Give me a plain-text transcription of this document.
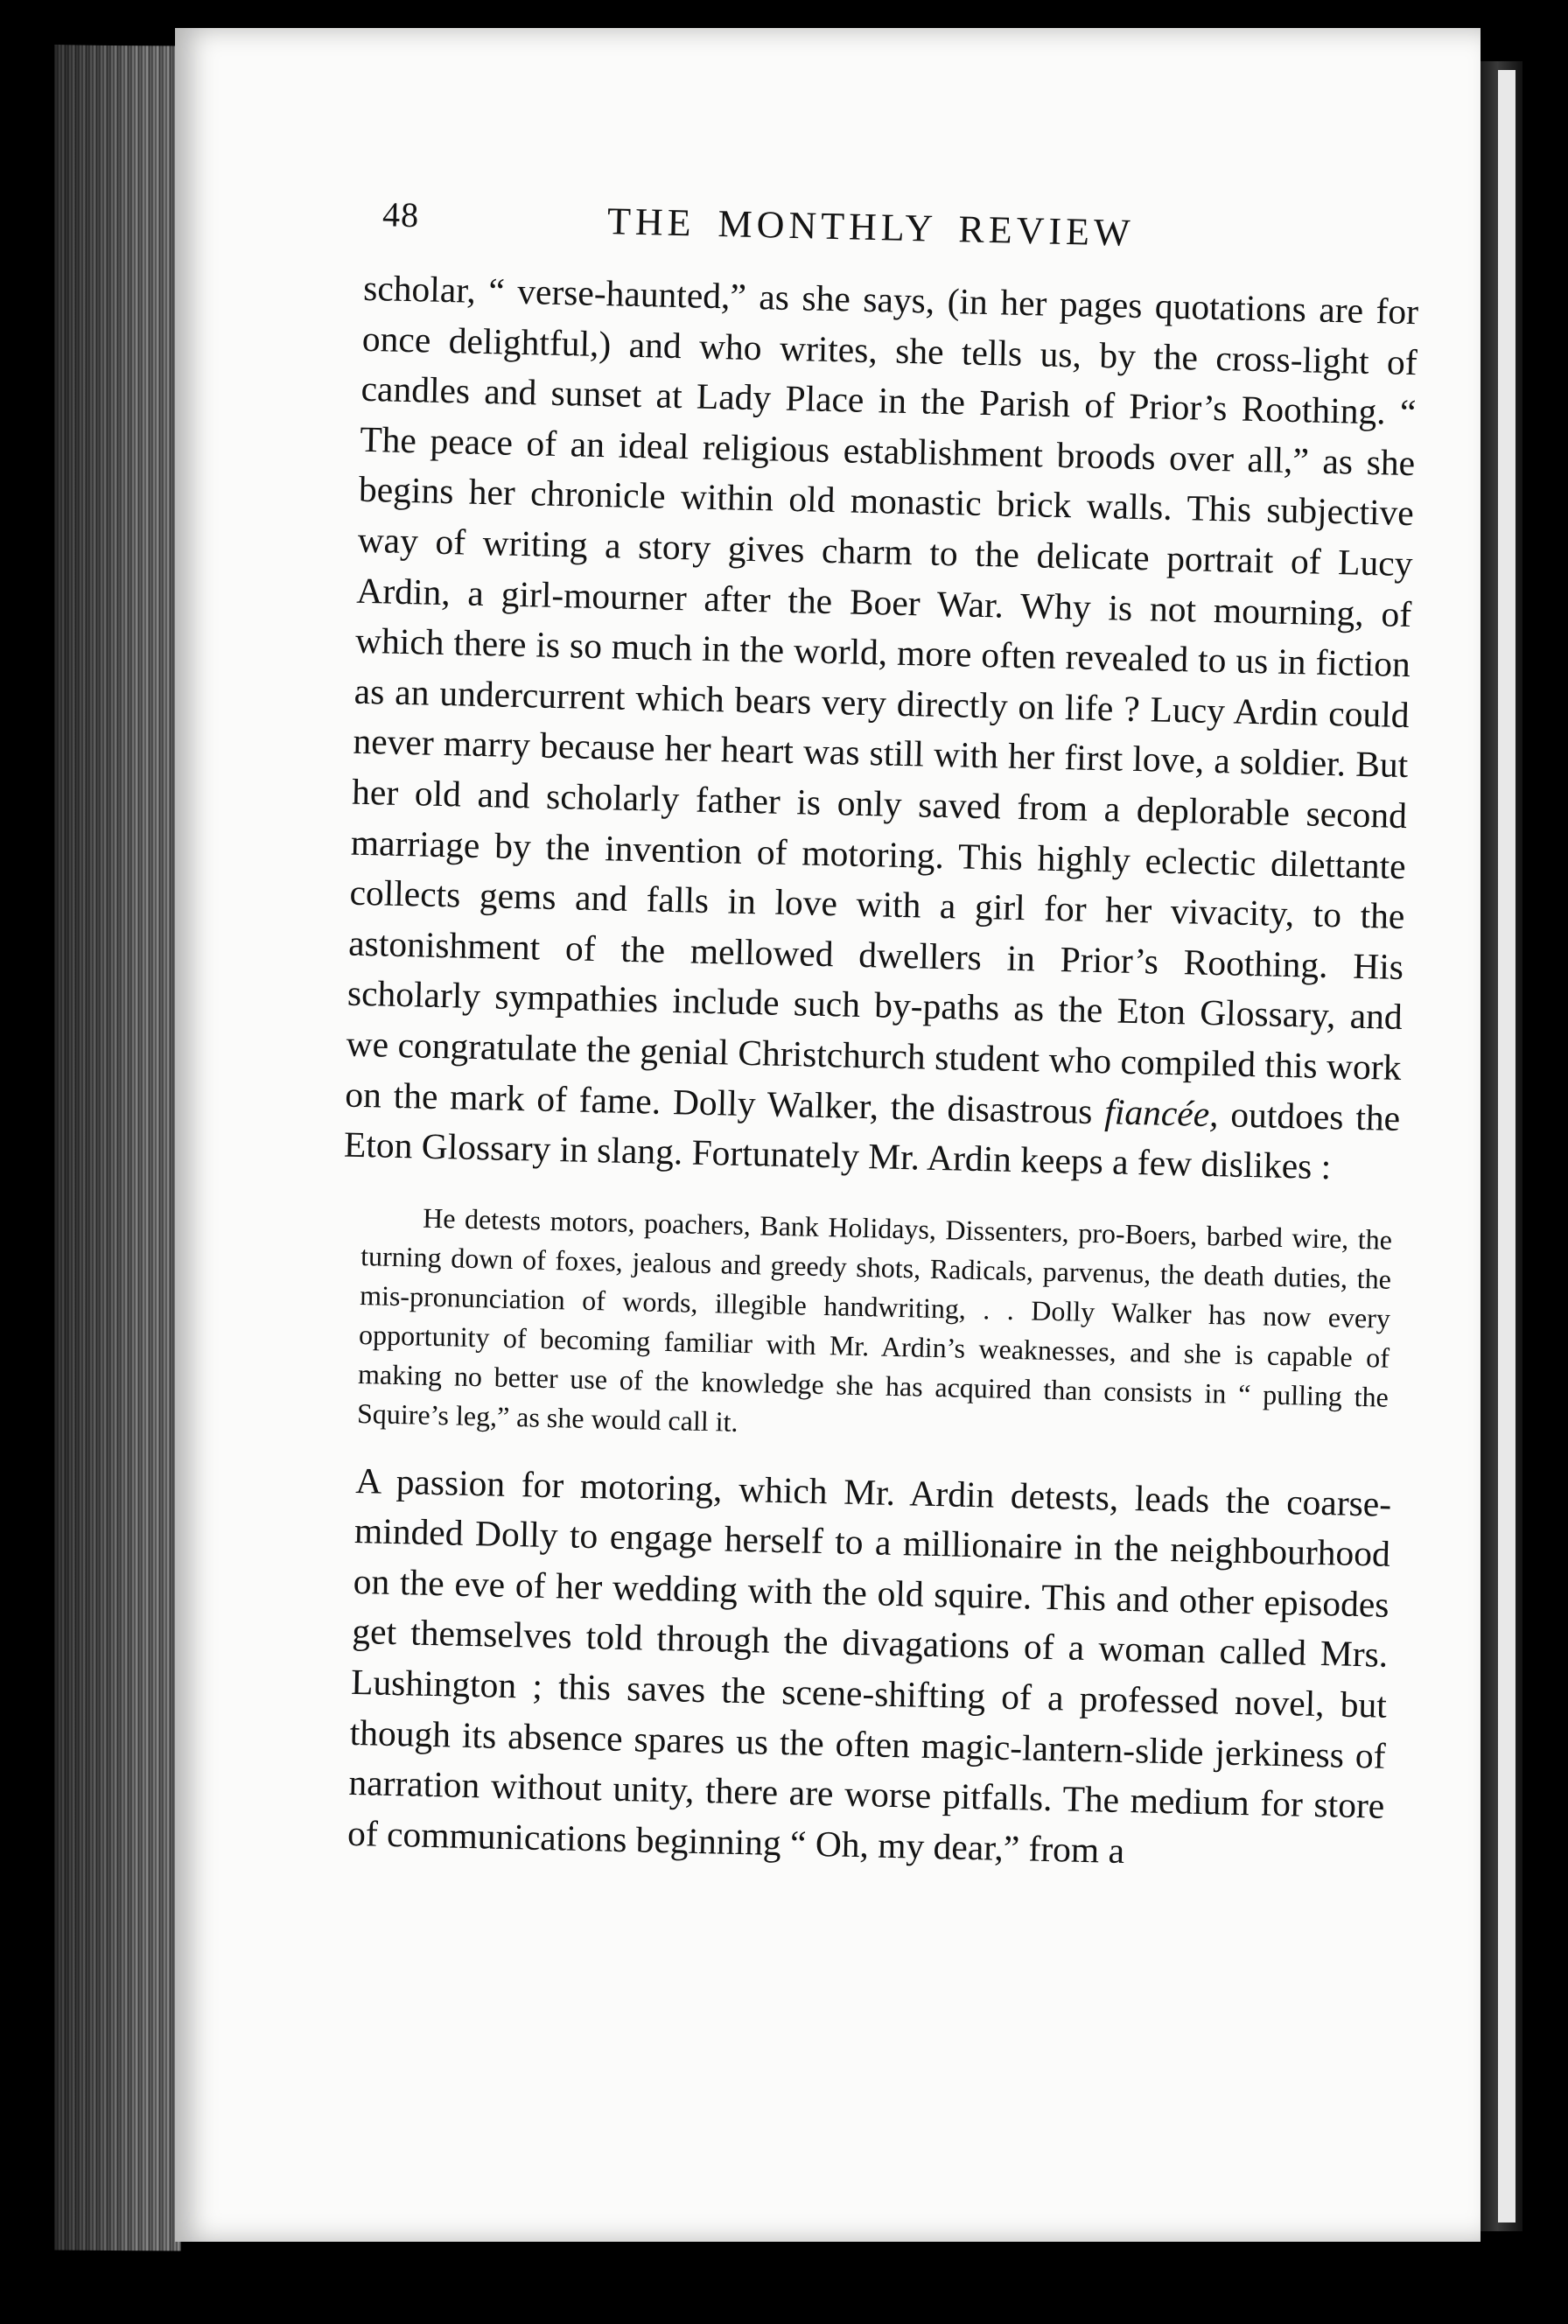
48	THE MONTHLY REVIEW

scholar, “ verse-haunted,” as she says, (in her pages quotations are for once delightful,) and who writes, she tells us, by the cross-light of candles and sunset at Lady Place in the Parish of Prior’s Roothing. “ The peace of an ideal religious establishment broods over all,” as she begins her chronicle within old monastic brick walls. This subjective way of writing a story gives charm to the delicate portrait of Lucy Ardin, a girl-mourner after the Boer War. Why is not mourning, of which there is so much in the world, more often revealed to us in fiction as an undercurrent which bears very directly on life ? Lucy Ardin could never marry because her heart was still with her first love, a soldier. But her old and scholarly father is only saved from a deplorable second marriage by the invention of motoring. This highly eclectic dilettante collects gems and falls in love with a girl for her vivacity, to the astonishment of the mellowed dwellers in Prior’s Roothing. His scholarly sympathies include such by-paths as the Eton Glossary, and we congratulate the genial Christchurch student who compiled this work on the mark of fame. Dolly Walker, the disastrous fiancée, outdoes the Eton Glossary in slang. Fortunately Mr. Ardin keeps a few dislikes :

He detests motors, poachers, Bank Holidays, Dissenters, pro-Boers, barbed wire, the turning down of foxes, jealous and greedy shots, Radicals, parvenus, the death duties, the mis-pronunciation of words, illegible handwriting, . . Dolly Walker has now every opportunity of becoming familiar with Mr. Ardin’s weaknesses, and she is capable of making no better use of the knowledge she has acquired than consists in “ pulling the Squire’s leg,” as she would call it.

A passion for motoring, which Mr. Ardin detests, leads the coarse-minded Dolly to engage herself to a millionaire in the neighbourhood on the eve of her wedding with the old squire. This and other episodes get themselves told through the divagations of a woman called Mrs. Lushington ; this saves the scene-shifting of a professed novel, but though its absence spares us the often magic-lantern-slide jerkiness of narration without unity, there are worse pitfalls. The medium for store of communications beginning “ Oh, my dear,” from a
